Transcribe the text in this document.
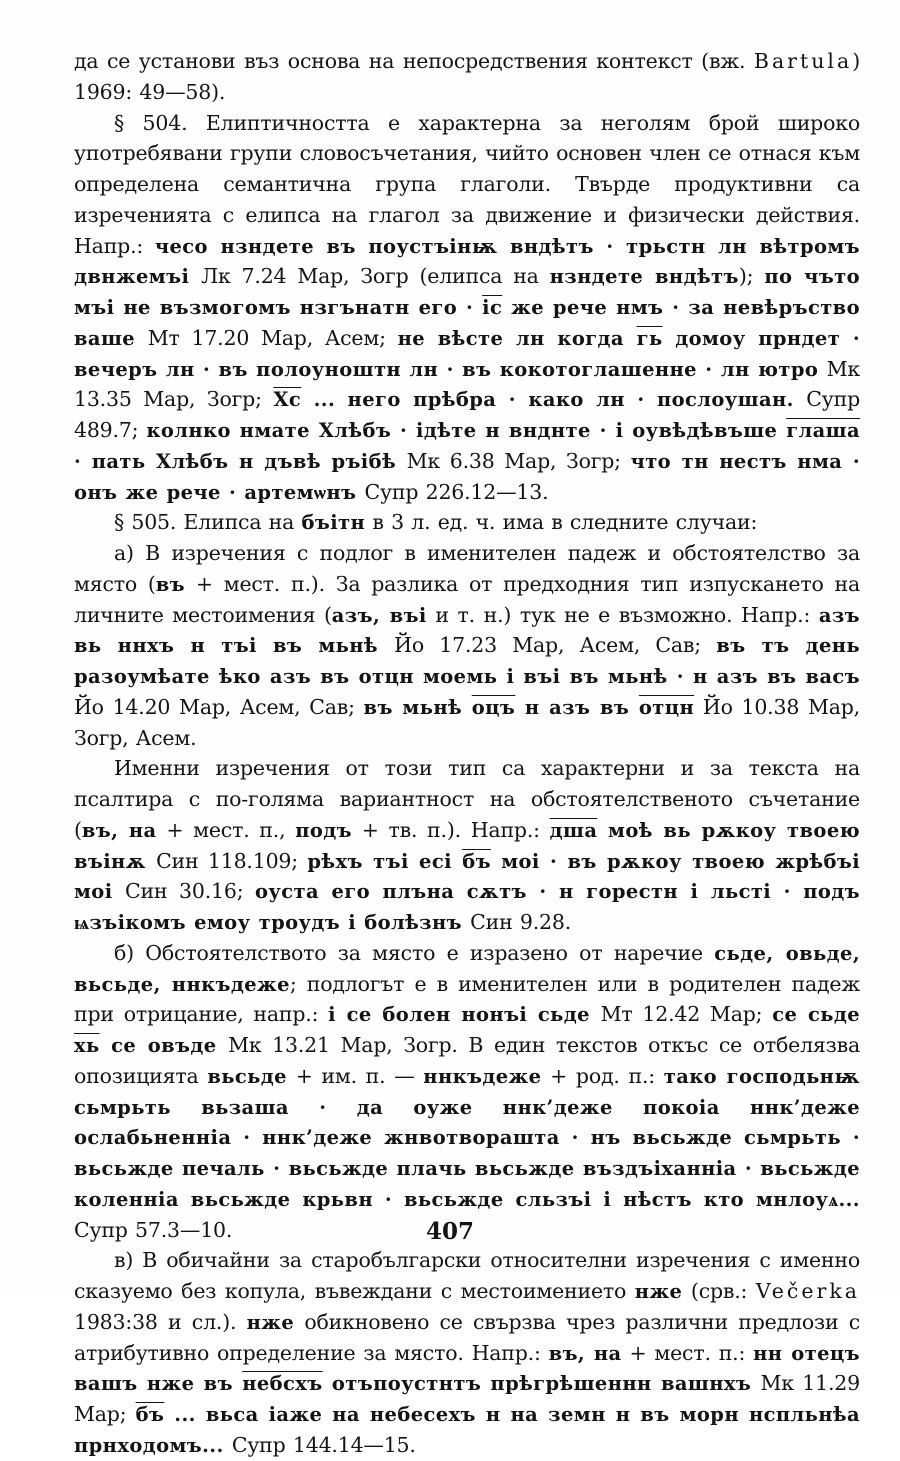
да се установи въз основа на непосредствения контекст (вж. Bartula) 1969: 49—58).

§ 504. Елиптичността е характерна за неголям брой широко употребявани групи словосъчетания, чийто основен член се отнася към определена семантична група глаголи. Твърде продуктивни са изреченията с елипса на глагол за движение и физически действия. Напр.: чесо нзндете въ поустъінѭ вндѣтъ · трьстн лн вѣтромъ двнжемъі Лк 7.24 Мар, Зогр (елипса на нзндете вндѣтъ); по чъто мъі не възмогомъ нзгънатн его · іс же рече нмъ · за невѣръство ваше Мт 17.20 Мар, Асем; не вѣсте лн когда гь домоу прндет · вечеръ лн · въ полоуноштн лн · въ кокотоглашенне · лн ютро Мк 13.35 Мар, Зогр; Хс ... него прѣбра · како лн · послоушан. Супр 489.7; колнко нмате Хлѣбъ · ідѣте н внднте · і оувѣдѣвъше глаша · пать Хлѣбъ н дъвѣ ръібѣ Мк 6.38 Мар, Зогр; что тн нестъ нма · онъ же рече · артемѡнъ Супр 226.12—13.

§ 505. Елипса на бъітн в 3 л. ед. ч. има в следните случаи:

а) В изречения с подлог в именителен падеж и обстоятелство за място (въ + мест. п.). За разлика от предходния тип изпускането на личните местоимения (азъ, въі и т. н.) тук не е възможно. Напр.: азъ вь ннхъ н тъі въ мьнѣ Йо 17.23 Мар, Асем, Сав; въ тъ день разоумѣате ѣко азъ въ отцн моемь і въі въ мьнѣ · н азъ въ васъ Йо 14.20 Мар, Асем, Сав; въ мьнѣ оцъ н азъ въ отцн Йо 10.38 Мар, Зогр, Асем.

Именни изречения от този тип са характерни и за текста на псалтира с по-голяма вариантност на обстоятелственото съчетание (въ, на + мест. п., подъ + тв. п.). Напр.: дша моѣ вь рѫкоу твоею въінѫ Син 118.109; рѣхъ тъі есі бъ моі · въ рѫкоу твоею жрѣбъі моі Син 30.16; оуста его плъна сѫтъ · н горестн і льсті · подъ ѩзъікомъ емоу троудъ і болѣзнъ Син 9.28.

б) Обстоятелството за място е изразено от наречие сьде, овьде, вьсьде, ннкъдеже; подлогът е в именителен или в родителен падеж при отрицание, напр.: і се болен нонъі сьде Мт 12.42 Мар; се сьде хь се овъде Мк 13.21 Мар, Зогр. В един текстов откъс се отбелязва опозицията вьсьде + им. п. — ннкъдеже + род. п.: тако господьнѭ сьмрьть вьзаша · да оуже ннк’деже покоіа ннк’деже ослабьненніа · ннк’деже жнвотворашта · нъ вьсьжде сьмрьть · вьсьжде печаль · вьсьжде плачь вьсьжде въздъіханніа · вьсьжде коленніа вьсьжде крьвн · вьсьжде сльзъі і нѣстъ кто мнлоуѧ... Супр 57.3—10.

в) В обичайни за старобългарски относителни изречения с именно сказуемо без копула, въвеждани с местоимението нже (срв.: Večerka 1983:38 и сл.). нже обикновено се свързва чрез различни предлози с атрибутивно определение за място. Напр.: въ, на + мест. п.: нн отецъ вашъ нже въ небсхъ отъпоустнтъ прѣгрѣшеннн вашнхъ Мк 11.29 Мар; бъ ... вьса іаже на небесехъ н на земн н въ морн нспльнѣа прнходомъ... Супр 144.14—15.

407
